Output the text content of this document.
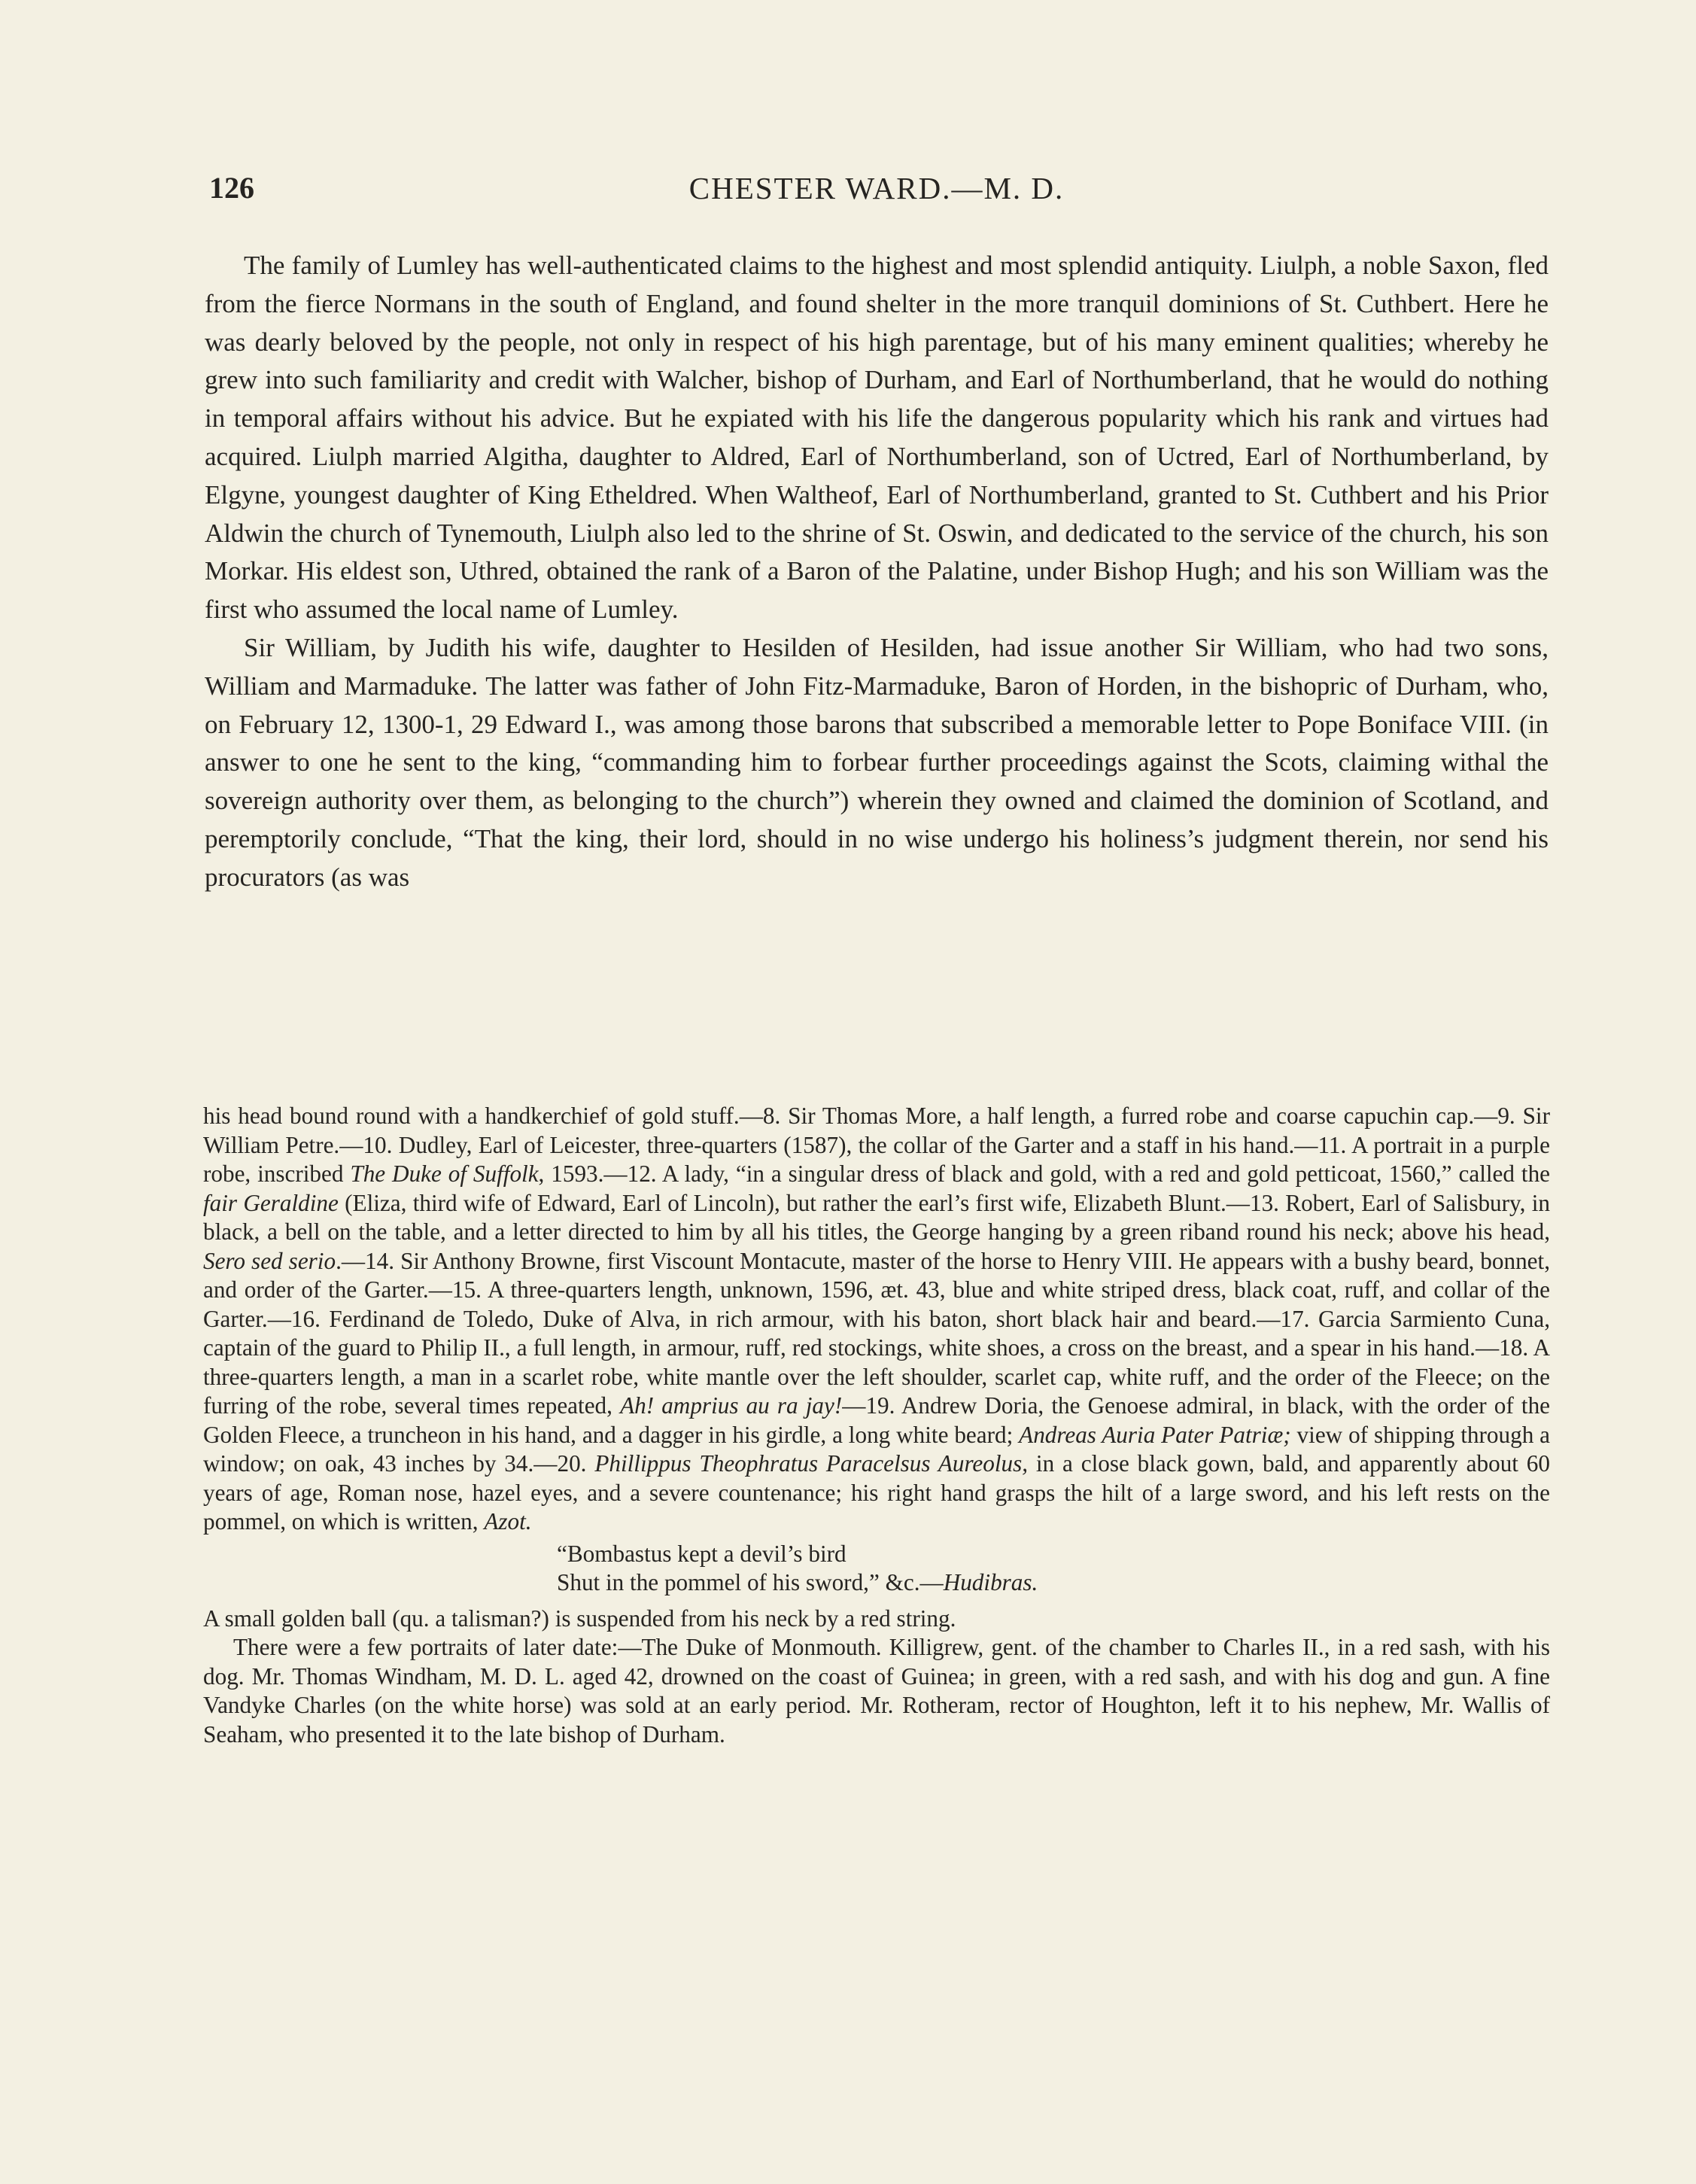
126	CHESTER WARD.—M. D.

The family of Lumley has well-authenticated claims to the highest and most splendid antiquity. Liulph, a noble Saxon, fled from the fierce Normans in the south of England, and found shelter in the more tranquil dominions of St. Cuthbert. Here he was dearly beloved by the people, not only in respect of his high parentage, but of his many eminent qualities; whereby he grew into such familiarity and credit with Walcher, bishop of Durham, and Earl of Northumberland, that he would do nothing in temporal affairs without his advice. But he expiated with his life the dangerous popularity which his rank and virtues had acquired. Liulph married Algitha, daughter to Aldred, Earl of Northumberland, son of Uctred, Earl of Northumberland, by Elgyne, youngest daughter of King Etheldred. When Waltheof, Earl of Northumberland, granted to St. Cuthbert and his Prior Aldwin the church of Tynemouth, Liulph also led to the shrine of St. Oswin, and dedicated to the service of the church, his son Morkar. His eldest son, Uthred, obtained the rank of a Baron of the Palatine, under Bishop Hugh; and his son William was the first who assumed the local name of Lumley.

Sir William, by Judith his wife, daughter to Hesilden of Hesilden, had issue another Sir William, who had two sons, William and Marmaduke. The latter was father of John Fitz-Marmaduke, Baron of Horden, in the bishopric of Durham, who, on February 12, 1300-1, 29 Edward I., was among those barons that subscribed a memorable letter to Pope Boniface VIII. (in answer to one he sent to the king, “commanding him to forbear further proceedings against the Scots, claiming withal the sovereign authority over them, as belonging to the church”) wherein they owned and claimed the dominion of Scotland, and peremptorily conclude, “That the king, their lord, should in no wise undergo his holiness’s judgment therein, nor send his procurators (as was

his head bound round with a handkerchief of gold stuff.—8. Sir Thomas More, a half length, a furred robe and coarse capuchin cap.—9. Sir William Petre.—10. Dudley, Earl of Leicester, three-quarters (1587), the collar of the Garter and a staff in his hand.—11. A portrait in a purple robe, inscribed The Duke of Suffolk, 1593.—12. A lady, “in a singular dress of black and gold, with a red and gold petticoat, 1560,” called the fair Geraldine (Eliza, third wife of Edward, Earl of Lincoln), but rather the earl’s first wife, Elizabeth Blunt.—13. Robert, Earl of Salisbury, in black, a bell on the table, and a letter directed to him by all his titles, the George hanging by a green riband round his neck; above his head, Sero sed serio.—14. Sir Anthony Browne, first Viscount Montacute, master of the horse to Henry VIII. He appears with a bushy beard, bonnet, and order of the Garter.—15. A three-quarters length, unknown, 1596, æt. 43, blue and white striped dress, black coat, ruff, and collar of the Garter.—16. Ferdinand de Toledo, Duke of Alva, in rich armour, with his baton, short black hair and beard.—17. Garcia Sarmiento Cuna, captain of the guard to Philip II., a full length, in armour, ruff, red stockings, white shoes, a cross on the breast, and a spear in his hand.—18. A three-quarters length, a man in a scarlet robe, white mantle over the left shoulder, scarlet cap, white ruff, and the order of the Fleece; on the furring of the robe, several times repeated, Ah! amprius au ra jay!—19. Andrew Doria, the Genoese admiral, in black, with the order of the Golden Fleece, a truncheon in his hand, and a dagger in his girdle, a long white beard; Andreas Auria Pater Patriæ; view of shipping through a window; on oak, 43 inches by 34.—20. Phillippus Theophratus Paracelsus Aureolus, in a close black gown, bald, and apparently about 60 years of age, Roman nose, hazel eyes, and a severe countenance; his right hand grasps the hilt of a large sword, and his left rests on the pommel, on which is written, Azot.

“Bombastus kept a devil’s bird
Shut in the pommel of his sword,” &c.—Hudibras.

A small golden ball (qu. a talisman?) is suspended from his neck by a red string.

There were a few portraits of later date:—The Duke of Monmouth. Killigrew, gent. of the chamber to Charles II., in a red sash, with his dog. Mr. Thomas Windham, M. D. L. aged 42, drowned on the coast of Guinea; in green, with a red sash, and with his dog and gun. A fine Vandyke Charles (on the white horse) was sold at an early period. Mr. Rotheram, rector of Houghton, left it to his nephew, Mr. Wallis of Seaham, who presented it to the late bishop of Durham.
